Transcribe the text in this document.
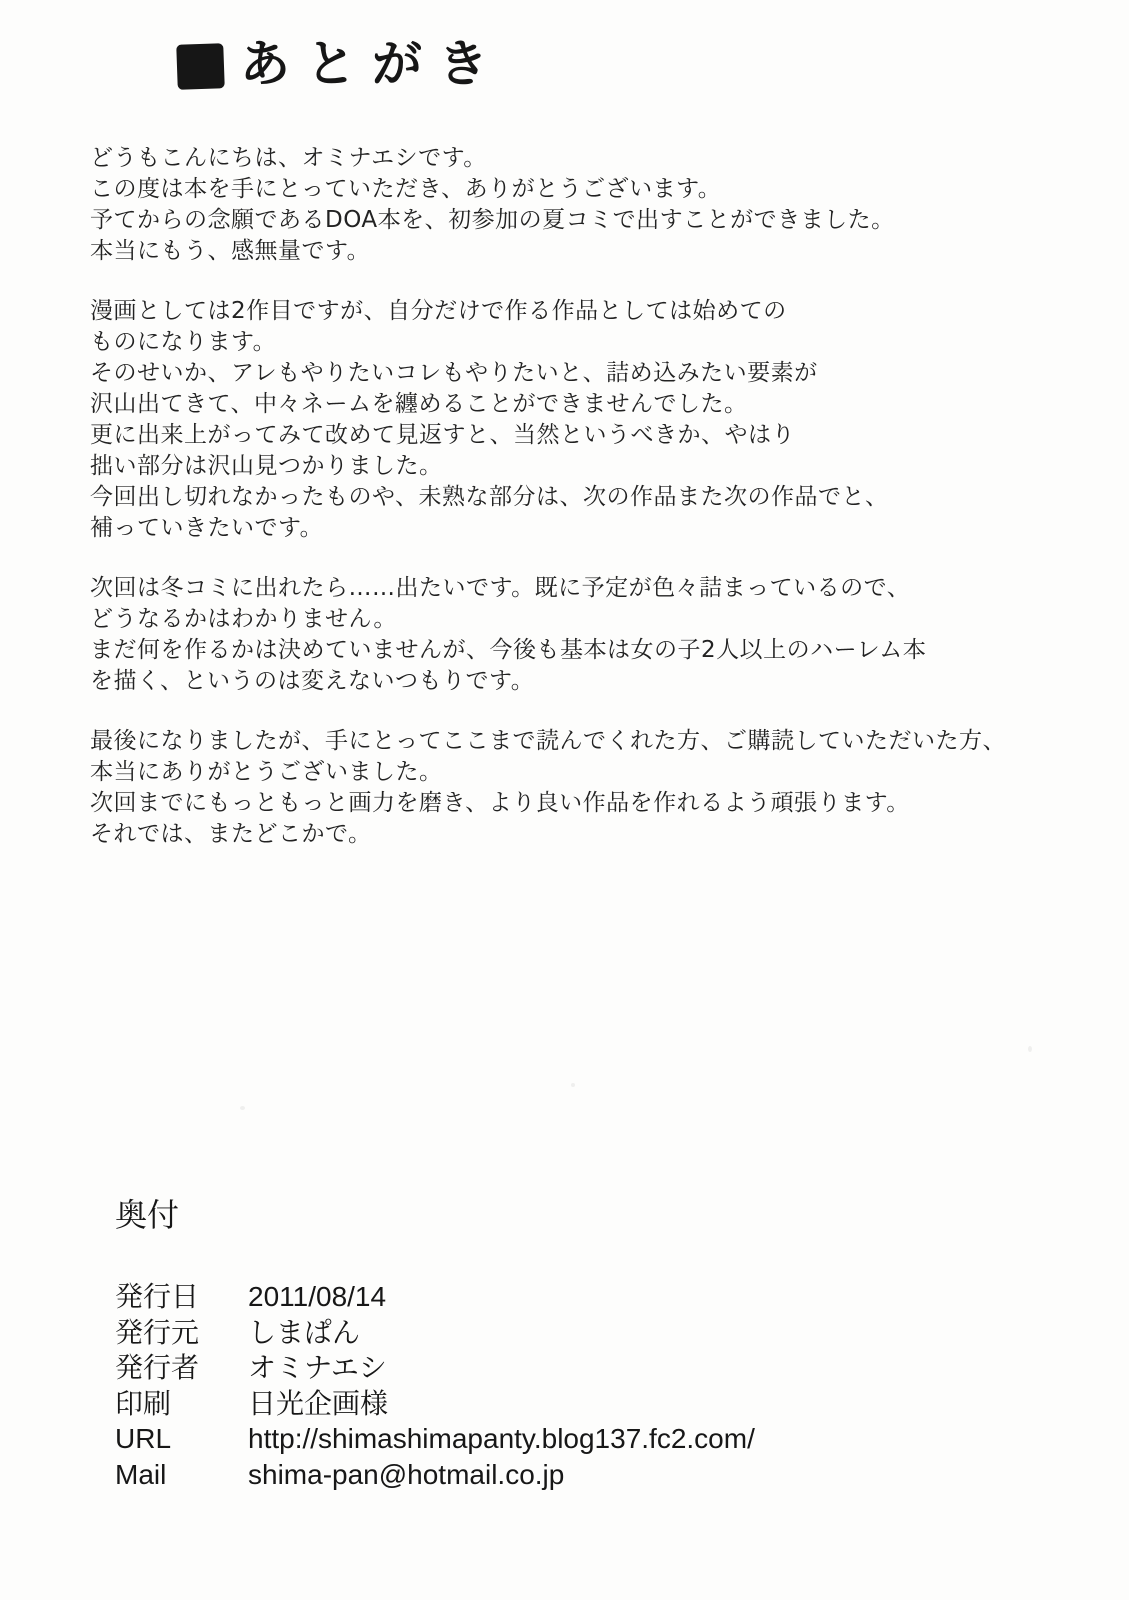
あとがき

どうもこんにちは、オミナエシです。
この度は本を手にとっていただき、ありがとうございます。
予てからの念願であるDOA本を、初参加の夏コミで出すことができました。
本当にもう、感無量です。

漫画としては2作目ですが、自分だけで作る作品としては始めての
ものになります。
そのせいか、アレもやりたいコレもやりたいと、詰め込みたい要素が
沢山出てきて、中々ネームを纏めることができませんでした。
更に出来上がってみて改めて見返すと、当然というべきか、やはり
拙い部分は沢山見つかりました。
今回出し切れなかったものや、未熟な部分は、次の作品また次の作品でと、
補っていきたいです。

次回は冬コミに出れたら……出たいです。既に予定が色々詰まっているので、
どうなるかはわかりません。
まだ何を作るかは決めていませんが、今後も基本は女の子2人以上のハーレム本
を描く、というのは変えないつもりです。

最後になりましたが、手にとってここまで読んでくれた方、ご購読していただいた方、
本当にありがとうございました。
次回までにもっともっと画力を磨き、より良い作品を作れるよう頑張ります。
それでは、またどこかで。

奥付
発行日	2011/08/14
発行元	しまぱん
発行者	オミナエシ
印刷	日光企画様
URL	http://shimashimapanty.blog137.fc2.com/
Mail	shima-pan@hotmail.co.jp
